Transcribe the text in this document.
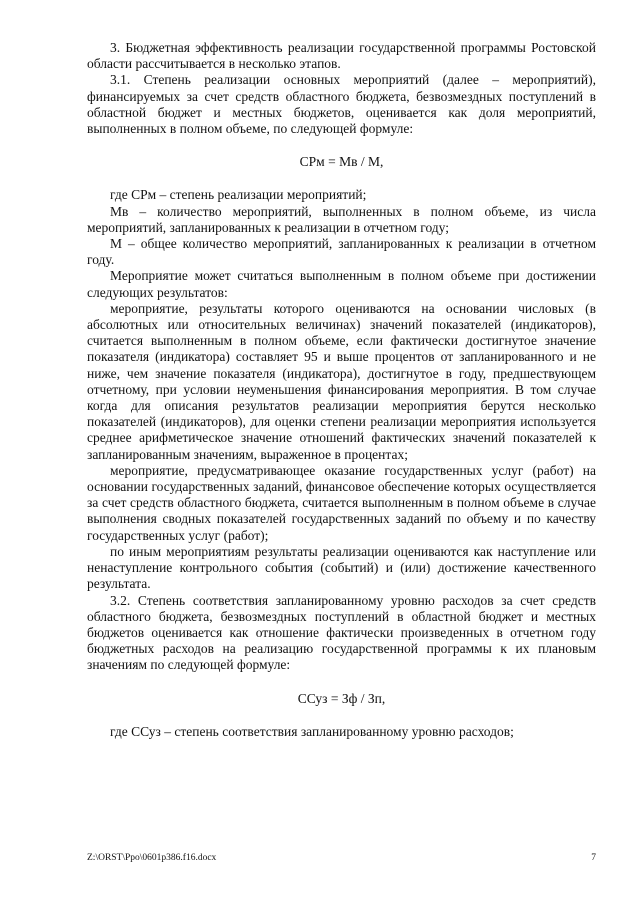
3. Бюджетная эффективность реализации государственной программы Ростовской области рассчитывается в несколько этапов.

3.1. Степень реализации основных мероприятий (далее – мероприятий), финансируемых за счет средств областного бюджета, безвозмездных поступлений в областной бюджет и местных бюджетов, оценивается как доля мероприятий, выполненных в полном объеме, по следующей формуле:

СРм = Мв / М,

где СРм – степень реализации мероприятий;

Мв – количество мероприятий, выполненных в полном объеме, из числа мероприятий, запланированных к реализации в отчетном году;

М – общее количество мероприятий, запланированных к реализации в отчетном году.

Мероприятие может считаться выполненным в полном объеме при достижении следующих результатов:

мероприятие, результаты которого оцениваются на основании числовых (в абсолютных или относительных величинах) значений показателей (индикаторов), считается выполненным в полном объеме, если фактически достигнутое значение показателя (индикатора) составляет 95 и выше процентов от запланированного и не ниже, чем значение показателя (индикатора), достигнутое в году, предшествующем отчетному, при условии неуменьшения финансирования мероприятия. В том случае когда для описания результатов реализации мероприятия берутся несколько показателей (индикаторов), для оценки степени реализации мероприятия используется среднее арифметическое значение отношений фактических значений показателей к запланированным значениям, выраженное в процентах;

мероприятие, предусматривающее оказание государственных услуг (работ) на основании государственных заданий, финансовое обеспечение которых осуществляется за счет средств областного бюджета, считается выполненным в полном объеме в случае выполнения сводных показателей государственных заданий по объему и по качеству государственных услуг (работ);

по иным мероприятиям результаты реализации оцениваются как наступление или ненаступление контрольного события (событий) и (или) достижение качественного результата.

3.2. Степень соответствия запланированному уровню расходов за счет средств областного бюджета, безвозмездных поступлений в областной бюджет и местных бюджетов оценивается как отношение фактически произведенных в отчетном году бюджетных расходов на реализацию государственной программы к их плановым значениям по следующей формуле:

ССуз = Зф / Зп,

где ССуз – степень соответствия запланированному уровню расходов;

Z:\ORST\Ppo\0601p386.f16.docx	7
